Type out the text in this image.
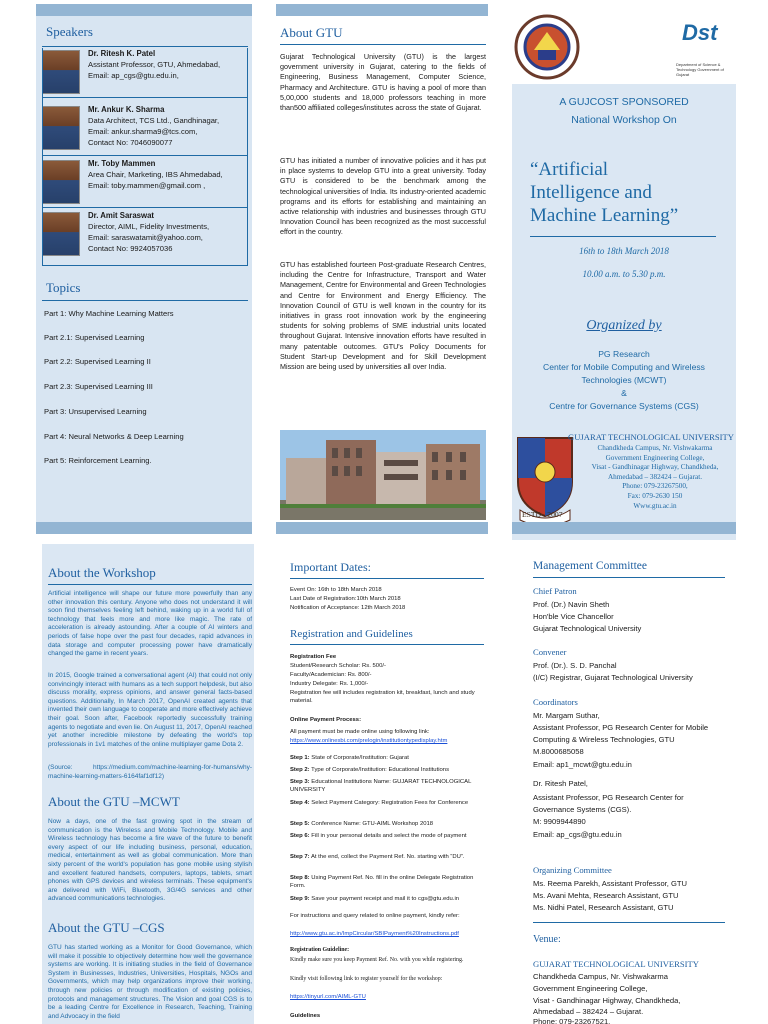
Speakers
Dr. Ritesh K. Patel
Assistant Professor, GTU, Ahmedabad,
Email: ap_cgs@gtu.edu.in,
Mr. Ankur K. Sharma
Data Architect, TCS Ltd., Gandhinagar,
Email: ankur.sharma9@tcs.com,
Contact No: 7046090077
Mr. Toby Mammen
Area Chair, Marketing, IBS Ahmedabad,
Email: toby.mammen@gmail.com ,
Dr. Amit Saraswat
Director, AIML, Fidelity Investments,
Email: saraswatamit@yahoo.com,
Contact No: 9924057036
Topics
Part 1: Why Machine Learning Matters
Part 2.1: Supervised Learning
Part 2.2: Supervised Learning II
Part 2.3: Supervised Learning III
Part 3: Unsupervised Learning
Part 4: Neural Networks & Deep Learning
Part 5: Reinforcement Learning.
About GTU
Gujarat Technological University (GTU) is the largest government university in Gujarat, catering to the fields of Engineering, Business Management, Computer Science, Pharmacy and Architecture. GTU is having a pool of more than 5,00,000 students and 18,000 professors teaching in more than500 affiliated colleges/institutes across the state of Gujarat.
GTU has initiated a number of innovative policies and it has put in place systems to develop GTU into a great university. Today GTU is considered to be the benchmark among the technological universities of India. Its industry-oriented academic programs and its efforts for establishing and maintaining an active relationship with industries and businesses through GTU Innovation Council has been recognized as the most successful effort in the country.
GTU has established fourteen Post-graduate Research Centres, including the Centre for Infrastructure, Transport and Water Management, Centre for Environmental and Green Technologies and Centre for Environment and Energy Efficiency. The Innovation Council of GTU is well known in the country for its initiatives in grass root innovation work by the engineering students for solving problems of SME industrial units located throughout Gujarat. Intensive innovation efforts have resulted in many patentable outcomes. GTU's Policy Documents for Student Start-up Development and for Skill Development Mission are being used by universities all over India.
Dst
Department of Science & Technology Government of Gujarat
A GUJCOST SPONSORED
National Workshop On
“Artificial
Intelligence and
Machine Learning”
16th to 18th March 2018
10.00 a.m. to 5.30 p.m.
Organized by
PG Research
Center for Mobile Computing and Wireless
Technologies (MCWT)
&
Centre for Governance Systems (CGS)
ESTD - 2007
GUJARAT TECHNOLOGICAL UNIVERSITY
Chandkheda Campus, Nr. Vishwakarma
Government Engineering College,
Visat - Gandhinagar Highway, Chandkheda,
Ahmedabad – 382424 – Gujarat.
Phone: 079-23267500,
Fax: 079-2630 150
Www.gtu.ac.in
About the Workshop
Artificial intelligence will shape our future more powerfully than any other innovation this century. Anyone who does not understand it will soon find themselves feeling left behind, waking up in a world full of technology that feels more and more like magic. The rate of acceleration is already astounding. After a couple of AI winters and periods of false hope over the past four decades, rapid advances in data storage and computer processing power have dramatically changed the game in recent years.
In 2015, Google trained a conversational agent (AI) that could not only convincingly interact with humans as a tech support helpdesk, but also discuss morality, express opinions, and answer general facts-based questions. Additionally, In March 2017, OpenAI created agents that invented their own language to cooperate and more effectively achieve their goal. Soon after, Facebook reportedly successfully training agents to negotiate and even lie. On August 11, 2017, OpenAI reached yet another incredible milestone by defeating the world's top professionals in 1v1 matches of the online multiplayer game Dota 2.
(Source: https://medium.com/machine-learning-for-humans/why-machine-learning-matters-6164faf1df12)
About the GTU –MCWT
Now a days, one of the fast growing spot in the stream of communication is the Wireless and Mobile Technology. Mobile and Wireless technology has become a fire wave of the future to benefit every aspect of our life including business, personal, education, medical, entertainment as well as global communication. More than sixty percent of the world's population has gone mobile using stylish and excellent featured handsets, computers, laptops, tablets, smart phones with GPS devices and wireless terminals. These equipment's are delivered with WiFi, Bluetooth, 3G/4G services and other advanced communications technologies.
About the GTU –CGS
GTU has started working as a Monitor for Good Governance, which will make it possible to objectively determine how well the governance systems are working. It is initiating studies in the field of Governance System in Businesses, Industries, Universities, Hospitals, NGOs and Governments, which may help organizations improve their working, through new policies or through modification of existing policies, protocols and management structures. The Vision and goal CGS is to be a leading Centre for Excellence in Research, Teaching, Training and Advocacy in the field
Important Dates:
Event On: 16th to 18th March 2018
Last Date of Registration:10th March 2018
Notification of Acceptance: 12th March 2018
Registration and Guidelines
Registration Fee
Student/Research Scholar: Rs. 500/-
Faculty/Academician: Rs. 800/-
Industry Delegate: Rs. 1,000/-
Registration fee will includes registration kit, breakfast, lunch and study material.
Online Payment Process:
All payment must be made online using following link:
https://www.onlinesbi.com/prelogin/institutiontypedisplay.htm
Step 1: State of Corporate/Institution: Gujarat
Step 2: Type of Corporate/Institution: Educational Institutions
Step 3: Educational Institutions Name: GUJARAT TECHNOLOGICAL UNIVERSITY
Step 4: Select Payment Category: Registration Fees for Conference
Step 5: Conference Name: GTU-AIML Workshop 2018
Step 6: Fill in your personal details and select the mode of payment
Step 7: At the end, collect the Payment Ref. No. starting with “DU”.
Step 8: Using Payment Ref. No. fill in the online Delegate Registration Form.
Step 9: Save your payment receipt and mail it to cgs@gtu.edu.in
For instructions and query related to online payment, kindly refer:
http://www.gtu.ac.in/ImpCircular/SBIPayment%20Instructions.pdf
Registration Guideline:
Kindly make sure you keep Payment Ref. No. with you while registering.
Kindly visit following link to register yourself for the workshop:
https://tinyurl.com/AIML-GTU
Guidelines
Management Committee
Chief Patron
Prof. (Dr.) Navin Sheth
Hon'ble Vice Chancellor
Gujarat Technological University
Convener
Prof. (Dr.). S. D. Panchal
(I/C) Registrar, Gujarat Technological University
Coordinators
Mr. Margam Suthar,
Assistant Professor, PG Research Center for Mobile
Computing & Wireless Technologies, GTU
M.8000685058
Email: ap1_mcwt@gtu.edu.in
Dr. Ritesh Patel,
Assistant Professor, PG Research Center for
Governance Systems (CGS).
M: 9909944890
Email: ap_cgs@gtu.edu.in
Organizing Committee
Ms. Reema Parekh, Assistant Professor, GTU
Ms. Avani Mehta, Research Assistant, GTU
Ms. Nidhi Patel, Research Assistant, GTU
Venue:
GUJARAT TECHNOLOGICAL UNIVERSITY
Chandkheda Campus, Nr. Vishwakarma
Government Engineering College,
Visat - Gandhinagar Highway, Chandkheda,
Ahmedabad – 382424 – Gujarat.
Phone: 079-23267521.
